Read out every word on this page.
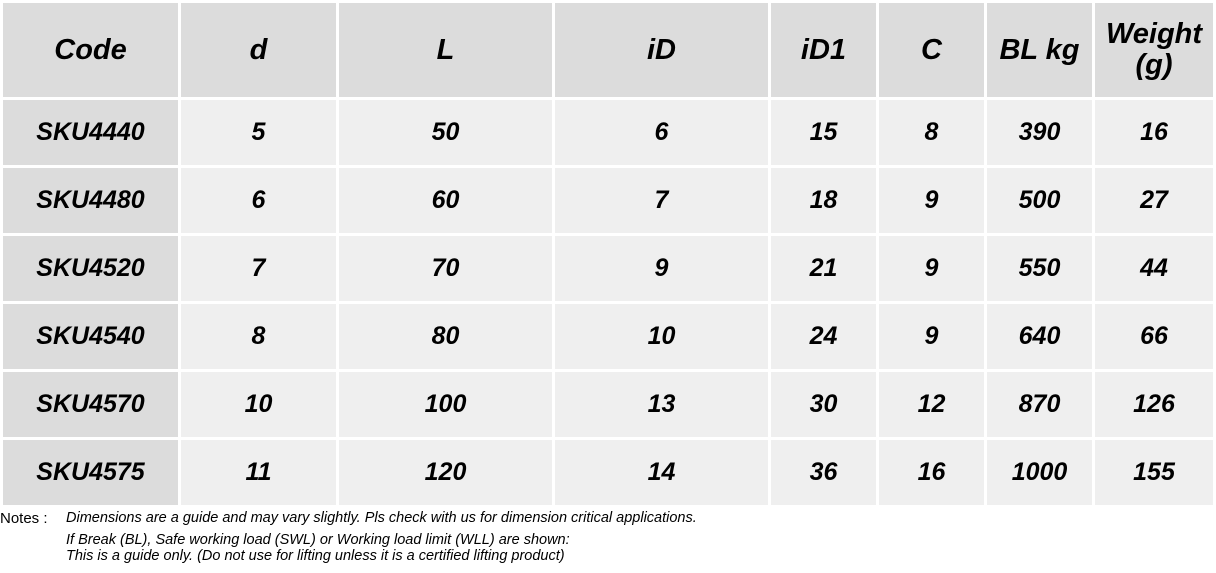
Code	d	L	iD	iD1	C	BL kg	Weight (g)
SKU4440	5	50	6	15	8	390	16
SKU4480	6	60	7	18	9	500	27
SKU4520	7	70	9	21	9	550	44
SKU4540	8	80	10	24	9	640	66
SKU4570	10	100	13	30	12	870	126
SKU4575	11	120	14	36	16	1000	155
Notes : Dimensions are a guide and may vary slightly. Pls check with us for dimension critical applications.
If Break (BL), Safe working load (SWL) or Working load limit (WLL) are shown:
This is a guide only. (Do not use for lifting unless it is a certified lifting product)
